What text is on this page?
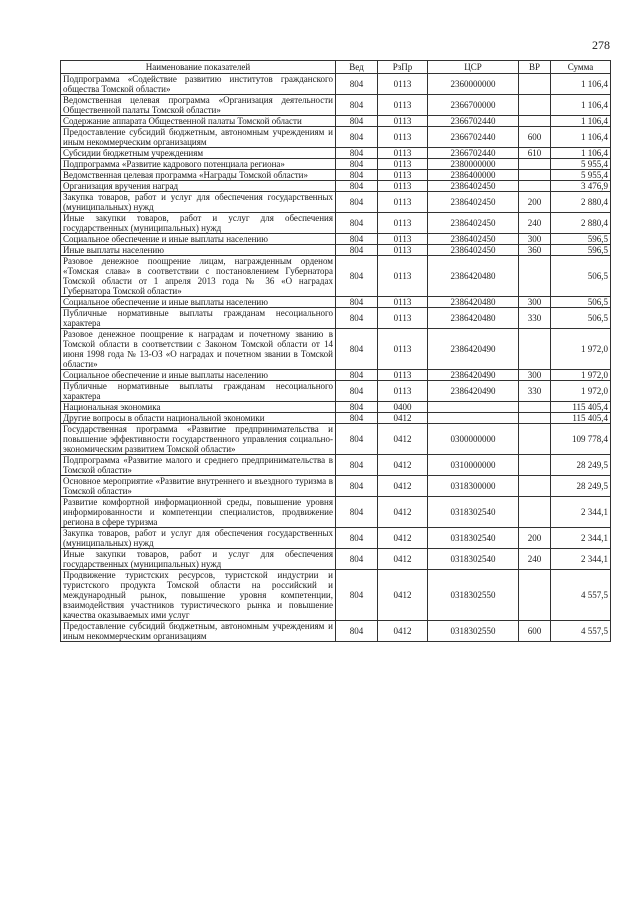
278
Наименование показателей	Вед	РзПр	ЦСР	ВР	Сумма
Подпрограмма «Содействие развитию институтов гражданского общества Томской области»	804	0113	2360000000		1 106,4
Ведомственная целевая программа «Организация деятельности Общественной палаты Томской области»	804	0113	2366700000		1 106,4
Содержание аппарата Общественной палаты Томской области	804	0113	2366702440		1 106,4
Предоставление субсидий бюджетным, автономным учреждениям и иным некоммерческим организациям	804	0113	2366702440	600	1 106,4
Субсидии бюджетным учреждениям	804	0113	2366702440	610	1 106,4
Подпрограмма «Развитие кадрового потенциала региона»	804	0113	2380000000		5 955,4
Ведомственная целевая программа «Награды Томской области»	804	0113	2386400000		5 955,4
Организация вручения наград	804	0113	2386402450		3 476,9
Закупка товаров, работ и услуг для обеспечения государственных (муниципальных) нужд	804	0113	2386402450	200	2 880,4
Иные закупки товаров, работ и услуг для обеспечения государственных (муниципальных) нужд	804	0113	2386402450	240	2 880,4
Социальное обеспечение и иные выплаты населению	804	0113	2386402450	300	596,5
Иные выплаты населению	804	0113	2386402450	360	596,5
Разовое денежное поощрение лицам, награжденным орденом «Томская слава» в соответствии с постановлением Губернатора Томской области от 1 апреля 2013 года № 36 «О наградах Губернатора Томской области»	804	0113	2386420480		506,5
Социальное обеспечение и иные выплаты населению	804	0113	2386420480	300	506,5
Публичные нормативные выплаты гражданам несоциального характера	804	0113	2386420480	330	506,5
Разовое денежное поощрение к наградам и почетному званию в Томской области в соответствии с Законом Томской области от 14 июня 1998 года № 13-ОЗ «О наградах и почетном звании в Томской области»	804	0113	2386420490		1 972,0
Социальное обеспечение и иные выплаты населению	804	0113	2386420490	300	1 972,0
Публичные нормативные выплаты гражданам несоциального характера	804	0113	2386420490	330	1 972,0
Национальная экономика	804	0400			115 405,4
Другие вопросы в области национальной экономики	804	0412			115 405,4
Государственная программа «Развитие предпринимательства и повышение эффективности государственного управления социально-экономическим развитием Томской области»	804	0412	0300000000		109 778,4
Подпрограмма «Развитие малого и среднего предпринимательства в Томской области»	804	0412	0310000000		28 249,5
Основное мероприятие «Развитие внутреннего и въездного туризма в Томской области»	804	0412	0318300000		28 249,5
Развитие комфортной информационной среды, повышение уровня информированности и компетенции специалистов, продвижение региона в сфере туризма	804	0412	0318302540		2 344,1
Закупка товаров, работ и услуг для обеспечения государственных (муниципальных) нужд	804	0412	0318302540	200	2 344,1
Иные закупки товаров, работ и услуг для обеспечения государственных (муниципальных) нужд	804	0412	0318302540	240	2 344,1
Продвижение туристских ресурсов, туристской индустрии и туристского продукта Томской области на российский и международный рынок, повышение уровня компетенции, взаимодействия участников туристического рынка и повышение качества оказываемых ими услуг	804	0412	0318302550		4 557,5
Предоставление субсидий бюджетным, автономным учреждениям и иным некоммерческим организациям	804	0412	0318302550	600	4 557,5
